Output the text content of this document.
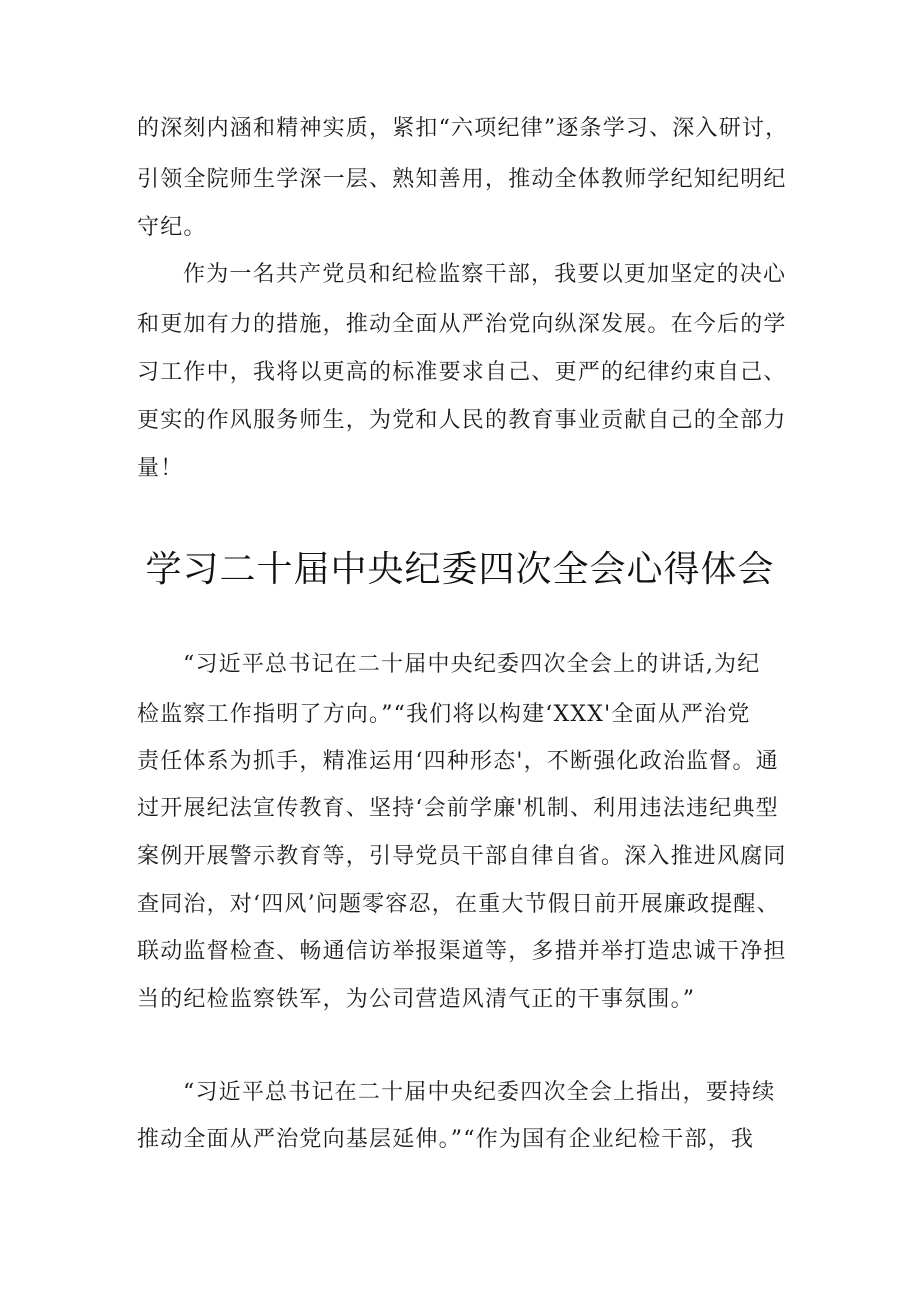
的深刻内涵和精神实质，紧扣“六项纪律”逐条学习、深入研讨，
引领全院师生学深一层、熟知善用，推动全体教师学纪知纪明纪
守纪。
作为一名共产党员和纪检监察干部，我要以更加坚定的决心
和更加有力的措施，推动全面从严治党向纵深发展。在今后的学
习工作中，我将以更高的标准要求自己、更严的纪律约束自己、
更实的作风服务师生，为党和人民的教育事业贡献自己的全部力
量！
学习二十届中央纪委四次全会心得体会
“习近平总书记在二十届中央纪委四次全会上的讲话,为纪
检监察工作指明了方向。”“我们将以构建‘XXX'全面从严治党
责任体系为抓手，精准运用‘四种形态'，不断强化政治监督。通
过开展纪法宣传教育、坚持‘会前学廉'机制、利用违法违纪典型
案例开展警示教育等，引导党员干部自律自省。深入推进风腐同
查同治，对‘四风’问题零容忍，在重大节假日前开展廉政提醒、
联动监督检查、畅通信访举报渠道等，多措并举打造忠诚干净担
当的纪检监察铁军，为公司营造风清气正的干事氛围。”
“习近平总书记在二十届中央纪委四次全会上指出，要持续
推动全面从严治党向基层延伸。”“作为国有企业纪检干部，我
